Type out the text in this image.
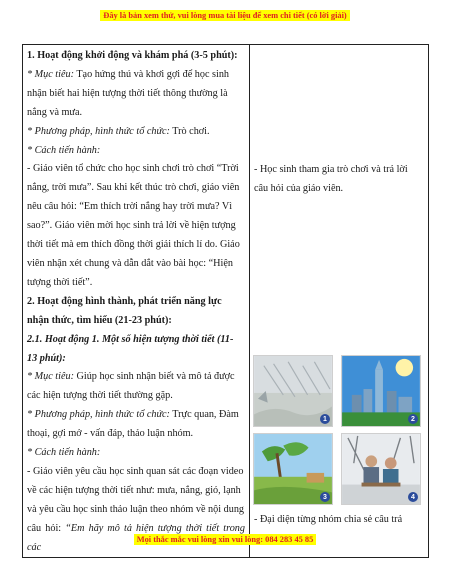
Đây là bản xem thử, vui lòng mua tài liệu để xem chi tiết (có lời giải)
1. Hoạt động khởi động và khám phá (3-5 phút):
* Mục tiêu: Tạo hứng thú và khơi gợi để học sinh
nhận biết hai hiện tượng thời tiết thông thường là
nắng và mưa.
* Phương pháp, hình thức tổ chức: Trò chơi.
* Cách tiến hành:
- Giáo viên tổ chức cho học sinh chơi trò chơi “Trời
nắng, trời mưa”. Sau khi kết thúc trò chơi, giáo viên
nêu câu hỏi: “Em thích trời nắng hay trời mưa? Vì
sao?”. Giáo viên mời học sinh trả lời về hiện tượng
thời tiết mà em thích đồng thời giải thích lí do. Giáo
viên nhận xét chung và dẫn dắt vào bài học: “Hiện
tượng thời tiết”.
2. Hoạt động hình thành, phát triển năng lực
nhận thức, tìm hiểu (21-23 phút):
2.1. Hoạt động 1. Một số hiện tượng thời tiết (11-
13 phút):
* Mục tiêu: Giúp học sinh nhận biết và mô tả được
các hiện tượng thời tiết thường gặp.
* Phương pháp, hình thức tổ chức: Trực quan, Đàm
thoại, gợi mở - vấn đáp, thảo luận nhóm.
* Cách tiến hành:
- Giáo viên yêu cầu học sinh quan sát các đoạn video
về các hiện tượng thời tiết như: mưa, nắng, gió, lạnh
và yêu cầu học sinh thảo luận theo nhóm về nội dung
câu hỏi: “Em hãy mô tả hiện tượng thời tiết trong các

- Học sinh tham gia trò chơi và trả lời
câu hỏi của giáo viên.
1	2
3	4
- Đại diện từng nhóm chia sẻ câu trả
Mọi thắc mắc vui lòng xin vui lòng: 084 283 45 85
